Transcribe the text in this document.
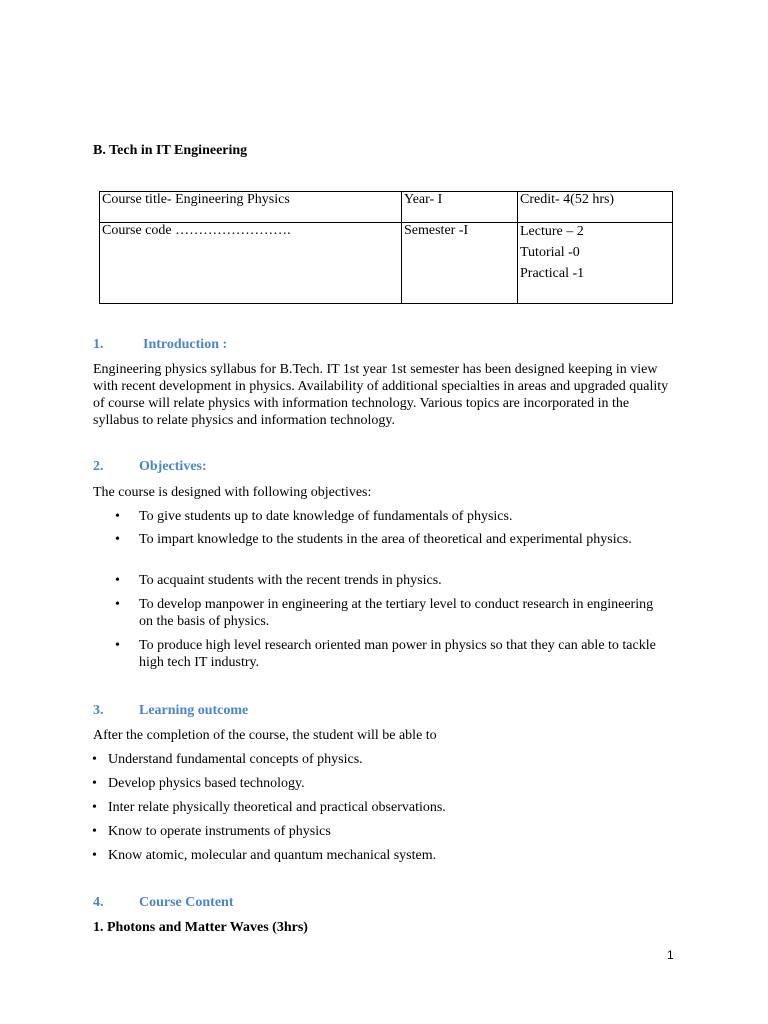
B. Tech in IT Engineering
Course title- Engineering Physics	Year- I	Credit- 4(52 hrs)
Course code …………………….	Semester -I	Lecture – 2
Tutorial -0
Practical -1
1.	Introduction :
Engineering physics syllabus for B.Tech. IT 1st year 1st semester has been designed keeping in view with recent development in physics. Availability of additional specialties in areas and upgraded quality of course will relate physics with information technology. Various topics are incorporated in the syllabus to relate physics and information technology.
2.	Objectives:
The course is designed with following objectives:
• To give students up to date knowledge of fundamentals of physics.
• To impart knowledge to the students in the area of theoretical and experimental physics.
• To acquaint students with the recent trends in physics.
• To develop manpower in engineering at the tertiary level to conduct research in engineering on the basis of physics.
• To produce high level research oriented man power in physics so that they can able to tackle high tech IT industry.
3.	Learning outcome
After the completion of the course, the student will be able to
• Understand fundamental concepts of physics.
• Develop physics based technology.
• Inter relate physically theoretical and practical observations.
• Know to operate instruments of physics
• Know atomic, molecular and quantum mechanical system.
4.	Course Content
1. Photons and Matter Waves (3hrs)
1
